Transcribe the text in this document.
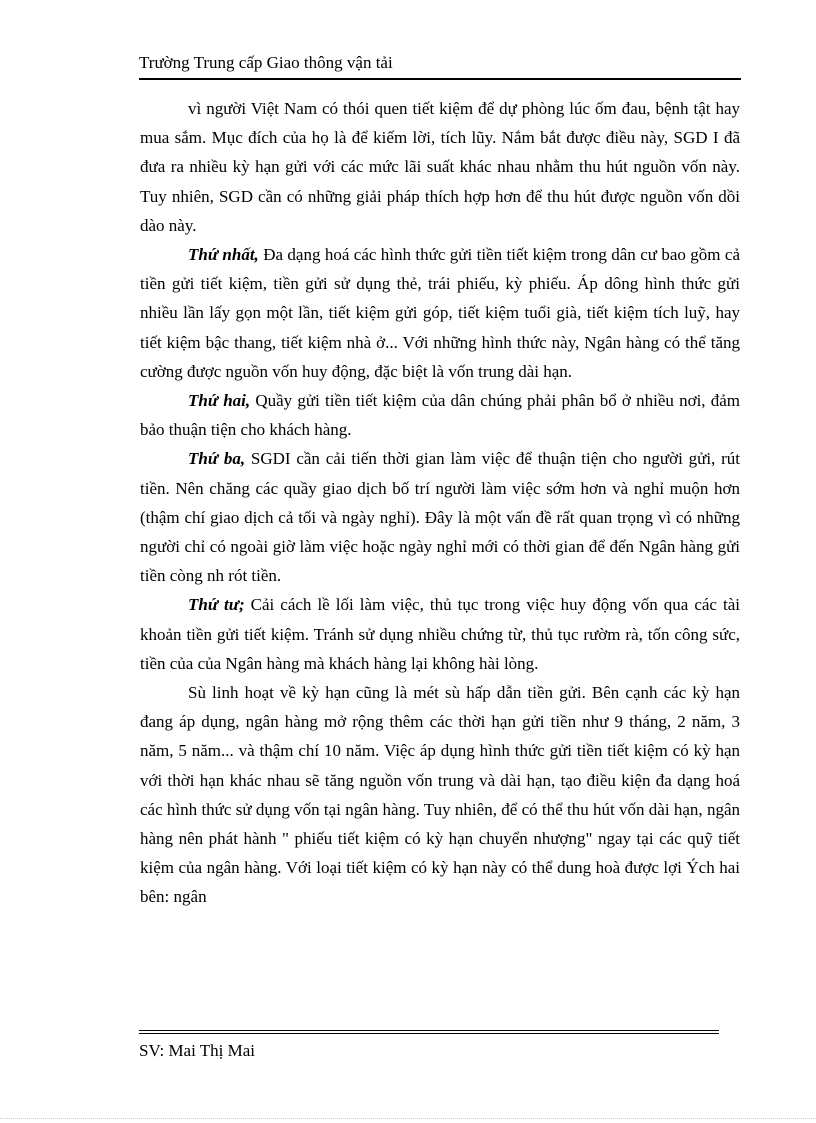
Trường Trung cấp Giao thông vận tải

vì người Việt Nam có thói quen tiết kiệm để dự phòng lúc ốm đau, bệnh tật hay mua sắm. Mục đích của họ là để kiếm lời, tích lũy. Nắm bắt được điều này, SGD I đã đưa ra nhiều kỳ hạn gửi với các mức lãi suất khác nhau nhằm thu hút nguồn vốn này. Tuy nhiên, SGD cần có những giải pháp thích hợp hơn để thu hút được nguồn vốn dồi dào này.

Thứ nhất, Đa dạng hoá các hình thức gửi tiền tiết kiệm trong dân cư bao gồm cả tiền gửi tiết kiệm, tiền gửi sử dụng thẻ, trái phiếu, kỳ phiếu. Áp dông hình thức gửi nhiều lần lấy gọn một lần, tiết kiệm gửi góp, tiết kiệm tuổi già, tiết kiệm tích luỹ, hay tiết kiệm bậc thang, tiết kiệm nhà ở... Với những hình thức này, Ngân hàng có thể tăng cường được nguồn vốn huy động, đặc biệt là vốn trung dài hạn.

Thứ hai, Quầy gửi tiền tiết kiệm của dân chúng phải phân bổ ở nhiều nơi, đảm bảo thuận tiện cho khách hàng.

Thứ ba, SGDI cần cải tiến thời gian làm việc để thuận tiện cho người gửi, rút tiền. Nên chăng các quầy giao dịch bố trí người làm việc sớm hơn và nghỉ muộn hơn (thậm chí giao dịch cả tối và ngày nghỉ). Đây là một vấn đề rất quan trọng vì có những người chỉ có ngoài giờ làm việc hoặc ngày nghỉ mới có thời gian để đến Ngân hàng gửi tiền còng nh rót tiền.

Thứ tư; Cải cách lề lối làm việc, thủ tục trong việc huy động vốn qua các tài khoản tiền gửi tiết kiệm. Tránh sử dụng nhiều chứng từ, thủ tục rườm rà, tốn công sức, tiền của của Ngân hàng mà khách hàng lại không hài lòng.

Sù linh hoạt về kỳ hạn cũng là mét sù hấp dẫn tiền gửi. Bên cạnh các kỳ hạn đang áp dụng, ngân hàng mở rộng thêm các thời hạn gửi tiền như 9 tháng, 2 năm, 3 năm, 5 năm... và thậm chí 10 năm. Việc áp dụng hình thức gửi tiền tiết kiệm có kỳ hạn với thời hạn khác nhau sẽ tăng nguồn vốn trung và dài hạn, tạo điều kiện đa dạng hoá các hình thức sử dụng vốn tại ngân hàng. Tuy nhiên, để có thể thu hút vốn dài hạn, ngân hàng nên phát hành " phiếu tiết kiệm có kỳ hạn chuyển nhượng" ngay tại các quỹ tiết kiệm của ngân hàng. Với loại tiết kiệm có kỳ hạn này có thể dung hoà được lợi Ých hai bên: ngân

SV: Mai Thị Mai
